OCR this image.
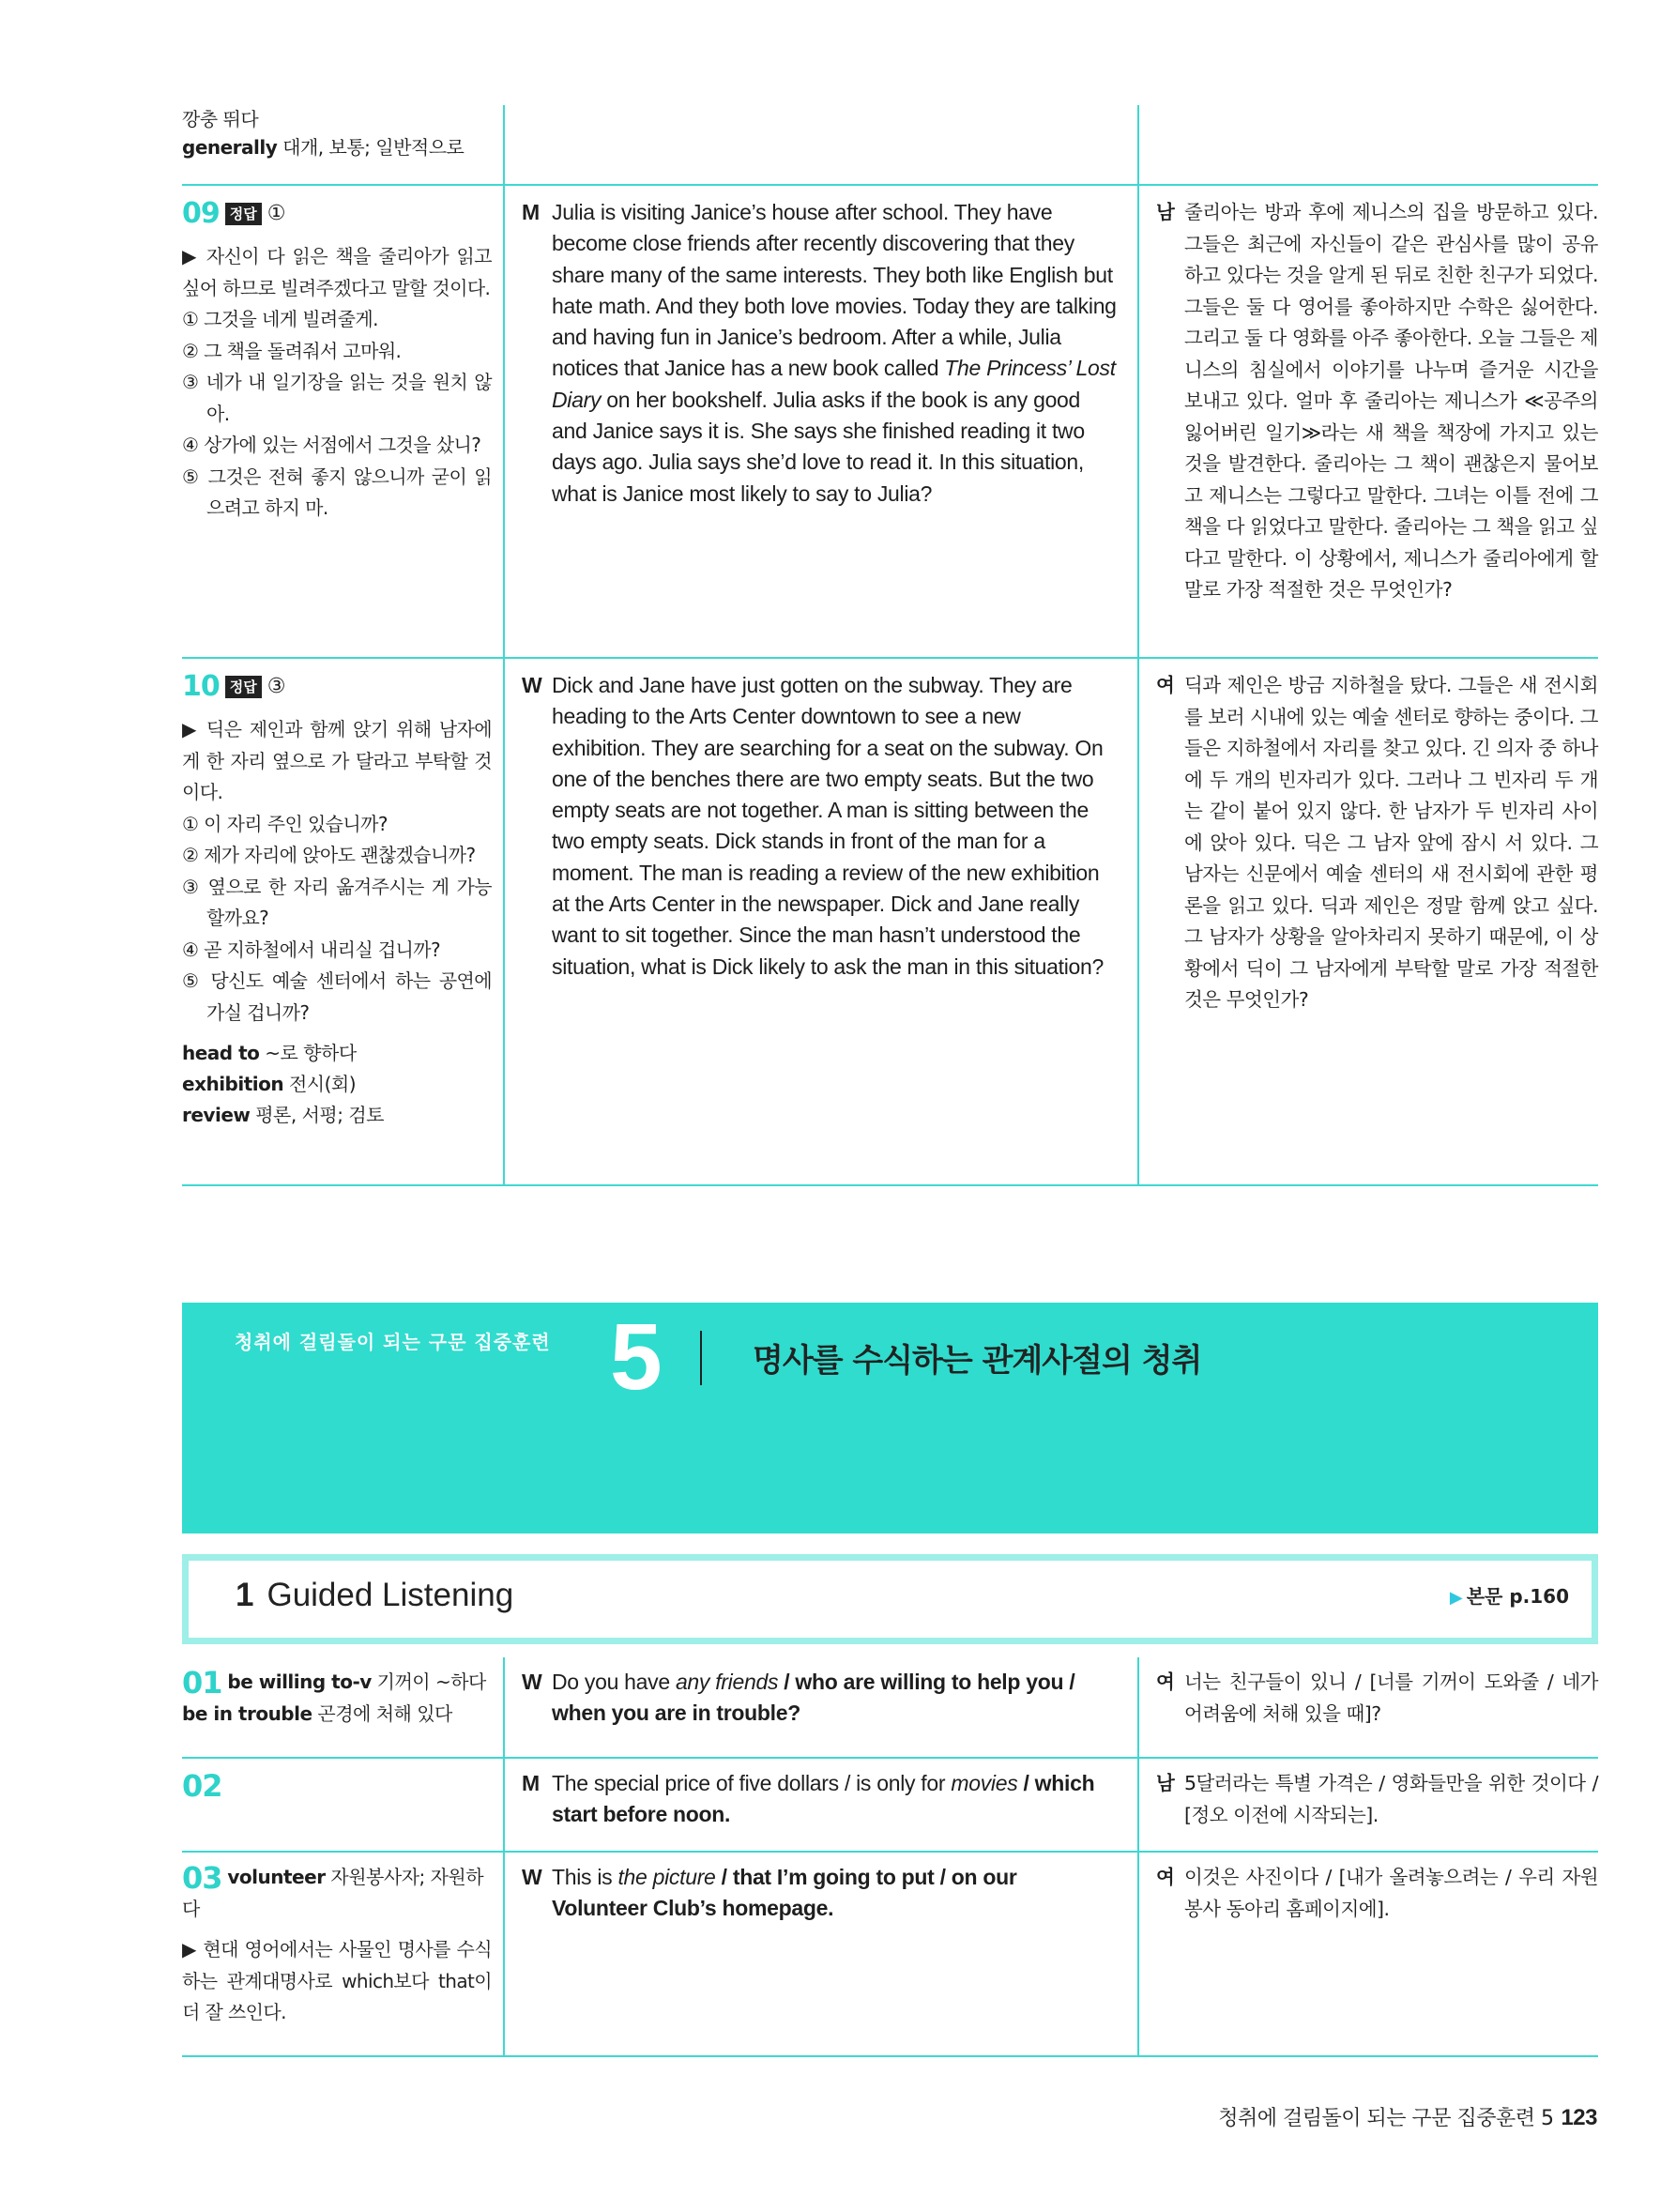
깡충 뛰다
generally 대개, 보통; 일반적으로
09 정답 ①
▶ 자신이 다 읽은 책을 줄리아가 읽고 싶어 하므로 빌려주겠다고 말할 것이다.
① 그것을 네게 빌려줄게.
② 그 책을 돌려줘서 고마워.
③ 네가 내 일기장을 읽는 것을 원치 않아.
④ 상가에 있는 서점에서 그것을 샀니?
⑤ 그것은 전혀 좋지 않으니까 굳이 읽으려고 하지 마.
M Julia is visiting Janice’s house after school. They have become close friends after recently discovering that they share many of the same interests. They both like English but hate math. And they both love movies. Today they are talking and having fun in Janice’s bedroom. After a while, Julia notices that Janice has a new book called The Princess’ Lost Diary on her bookshelf. Julia asks if the book is any good and Janice says it is. She says she finished reading it two days ago. Julia says she’d love to read it. In this situation, what is Janice most likely to say to Julia?
남 줄리아는 방과 후에 제니스의 집을 방문하고 있다. 그들은 최근에 자신들이 같은 관심사를 많이 공유하고 있다는 것을 알게 된 뒤로 친한 친구가 되었다. 그들은 둘 다 영어를 좋아하지만 수학은 싫어한다. 그리고 둘 다 영화를 아주 좋아한다. 오늘 그들은 제니스의 침실에서 이야기를 나누며 즐거운 시간을 보내고 있다. 얼마 후 줄리아는 제니스가 ≪공주의 잃어버린 일기≫라는 새 책을 책장에 가지고 있는 것을 발견한다. 줄리아는 그 책이 괜찮은지 물어보고 제니스는 그렇다고 말한다. 그녀는 이틀 전에 그 책을 다 읽었다고 말한다. 줄리아는 그 책을 읽고 싶다고 말한다. 이 상황에서, 제니스가 줄리아에게 할 말로 가장 적절한 것은 무엇인가?
10 정답 ③
▶ 딕은 제인과 함께 앉기 위해 남자에게 한 자리 옆으로 가 달라고 부탁할 것이다.
① 이 자리 주인 있습니까?
② 제가 자리에 앉아도 괜찮겠습니까?
③ 옆으로 한 자리 옮겨주시는 게 가능할까요?
④ 곧 지하철에서 내리실 겁니까?
⑤ 당신도 예술 센터에서 하는 공연에 가실 겁니까?
head to ~로 향하다
exhibition 전시(회)
review 평론, 서평; 검토
W Dick and Jane have just gotten on the subway. They are heading to the Arts Center downtown to see a new exhibition. They are searching for a seat on the subway. On one of the benches there are two empty seats. But the two empty seats are not together. A man is sitting between the two empty seats. Dick stands in front of the man for a moment. The man is reading a review of the new exhibition at the Arts Center in the newspaper. Dick and Jane really want to sit together. Since the man hasn’t understood the situation, what is Dick likely to ask the man in this situation?
여 딕과 제인은 방금 지하철을 탔다. 그들은 새 전시회를 보러 시내에 있는 예술 센터로 향하는 중이다. 그들은 지하철에서 자리를 찾고 있다. 긴 의자 중 하나에 두 개의 빈자리가 있다. 그러나 그 빈자리 두 개는 같이 붙어 있지 않다. 한 남자가 두 빈자리 사이에 앉아 있다. 딕은 그 남자 앞에 잠시 서 있다. 그 남자는 신문에서 예술 센터의 새 전시회에 관한 평론을 읽고 있다. 딕과 제인은 정말 함께 앉고 싶다. 그 남자가 상황을 알아차리지 못하기 때문에, 이 상황에서 딕이 그 남자에게 부탁할 말로 가장 적절한 것은 무엇인가?
청취에 걸림돌이 되는 구문 집중훈련 5	명사를 수식하는 관계사절의 청취
1 Guided Listening	▶ 본문 p.160
01 be willing to-v 기꺼이 ~하다
be in trouble 곤경에 처해 있다
W Do you have any friends / who are willing to help you / when you are in trouble?
여 너는 친구들이 있니 / [너를 기꺼이 도와줄 / 네가 어려움에 처해 있을 때]?
02	M The special price of five dollars / is only for movies / which start before noon.
남 5달러라는 특별 가격은 / 영화들만을 위한 것이다 / [정오 이전에 시작되는].
03 volunteer 자원봉사자; 자원하다
▶ 현대 영어에서는 사물인 명사를 수식하는 관계대명사로 which보다 that이 더 잘 쓰인다.
W This is the picture / that I’m going to put / on our Volunteer Club’s homepage.
여 이것은 사진이다 / [내가 올려놓으려는 / 우리 자원봉사 동아리 홈페이지에].
청취에 걸림돌이 되는 구문 집중훈련 5 123
